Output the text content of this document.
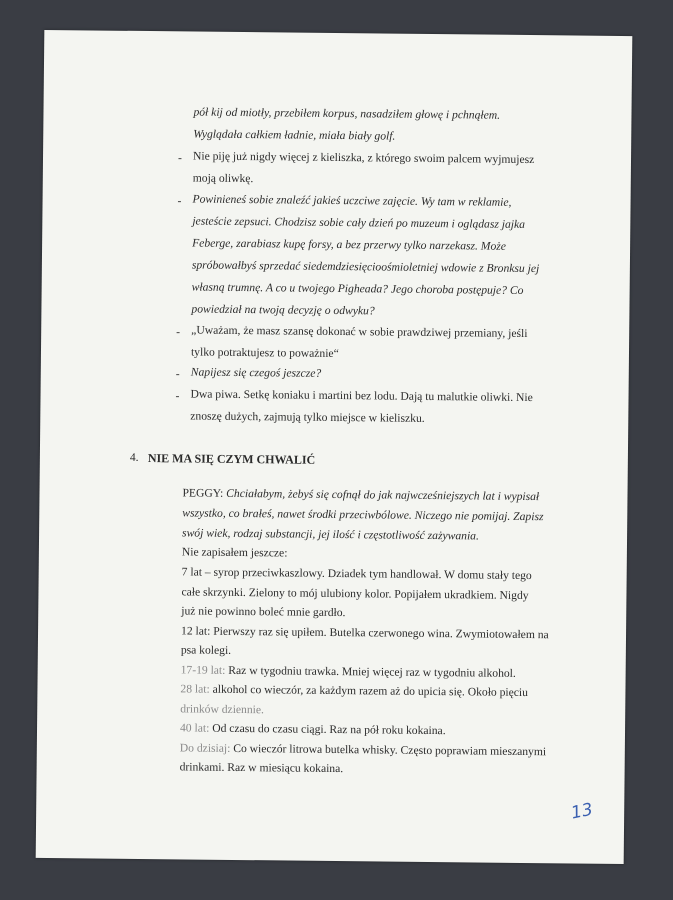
pół kij od miotły, przebiłem korpus, nasadziłem głowę i pchnąłem.
Wyglądała całkiem ładnie, miała biały golf.
- Nie piję już nigdy więcej z kieliszka, z którego swoim palcem wyjmujesz
moją oliwkę.
- Powinieneś sobie znaleźć jakieś uczciwe zajęcie. Wy tam w reklamie,
jesteście zepsuci. Chodzisz sobie cały dzień po muzeum i oglądasz jajka
Feberge, zarabiasz kupę forsy, a bez przerwy tylko narzekasz. Może
spróbowałbyś sprzedać siedemdziesięcioośmioletniej wdowie z Bronksu jej
własną trumnę. A co u twojego Pigheada? Jego choroba postępuje? Co
powiedział na twoją decyzję o odwyku?
- „Uważam, że masz szansę dokonać w sobie prawdziwej przemiany, jeśli
tylko potraktujesz to poważnie“
- Napijesz się czegoś jeszcze?
- Dwa piwa. Setkę koniaku i martini bez lodu. Dają tu malutkie oliwki. Nie
znoszę dużych, zajmują tylko miejsce w kieliszku.
4. NIE MA SIĘ CZYM CHWALIĆ
PEGGY: Chciałabym, żebyś się cofnął do jak najwcześniejszych lat i wypisał
wszystko, co brałeś, nawet środki przeciwbólowe. Niczego nie pomijaj. Zapisz
swój wiek, rodzaj substancji, jej ilość i częstotliwość zażywania.
Nie zapisałem jeszcze:
7 lat – syrop przeciwkaszlowy. Dziadek tym handlował. W domu stały tego
całe skrzynki. Zielony to mój ulubiony kolor. Popijałem ukradkiem. Nigdy
już nie powinno boleć mnie gardło.
12 lat: Pierwszy raz się upiłem. Butelka czerwonego wina. Zwymiotowałem na
psa kolegi.
17-19 lat: Raz w tygodniu trawka. Mniej więcej raz w tygodniu alkohol.
28 lat: alkohol co wieczór, za każdym razem aż do upicia się. Około pięciu
drinków dziennie.
40 lat: Od czasu do czasu ciągi. Raz na pół roku kokaina.
Do dzisiaj: Co wieczór litrowa butelka whisky. Często poprawiam mieszanymi
drinkami. Raz w miesiącu kokaina.
13
